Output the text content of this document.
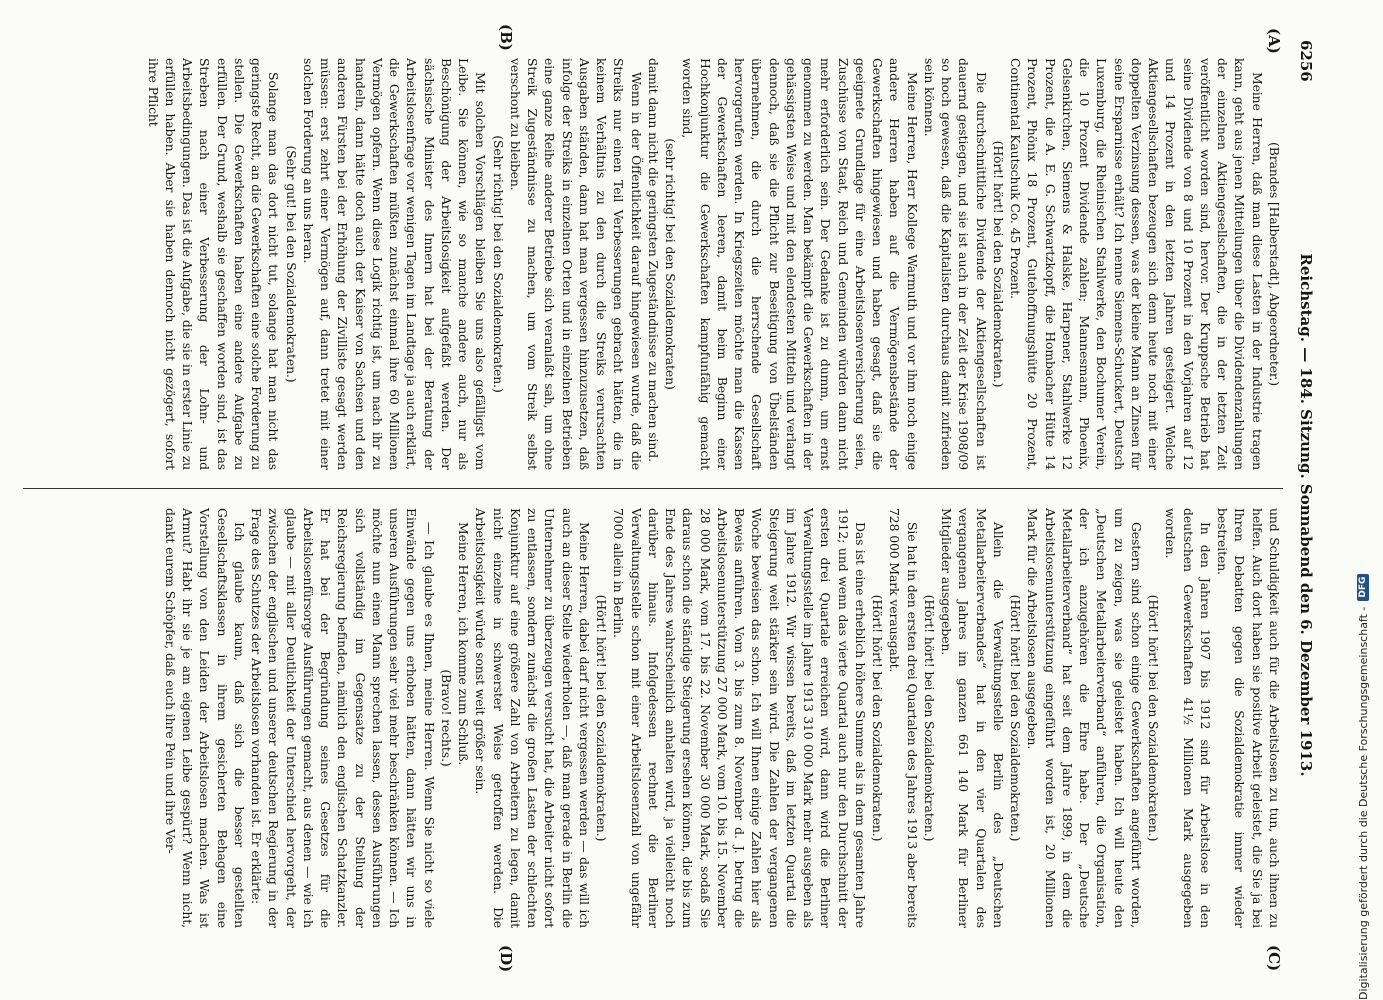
6256
Reichstag. — 184. Sitzung. Sonnabend den 6. Dezember 1913.
(A)
(B)
(C)
(D)

(Brandes [Halberstadt], Abgeordneter.)

Meine Herren, daß man diese Lasten in der Industrie tragen kann, geht aus jenen Mitteilungen über die Dividendenzahlungen der einzelnen Aktiengesellschaften, die in der letzten Zeit veröffentlicht worden sind, hervor. Der Kruppsche Betrieb hat seine Dividende von 8 und 10 Prozent in den Vorjahren auf 12 und 14 Prozent in den letzten Jahren gesteigert. Welche Aktiengesellschaften bezeugen sich denn heute noch mit einer doppelten Verzinsung dessen, was der kleine Mann an Zinsen für seine Ersparnisse erhält? Ich nenne Siemens-Schuckert, Deutsch Luxemburg, die Rheinischen Stahlwerke, den Bochumer Verein, die 10 Prozent Dividende zahlen; Mannesmann, Phoenix, Gelsenkirchen, Siemens & Halske, Harpener, Stahlwerke 12 Prozent, die A. E. G. Schwartzkopff, die Hombacher Hütte 14 Prozent, Phönix 18 Prozent, Gutehoffnungshütte 20 Prozent, Continental Kautschuk Co. 45 Prozent.

(Hört! hört! bei den Sozialdemokraten.)

Die durchschnittliche Dividende der Aktiengesellschaften ist dauernd gestiegen, und sie ist auch in der Zeit der Krise 1908/09 so hoch gewesen, daß die Kapitalisten durchaus damit zufrieden sein können.

Meine Herren, Herr Kollege Warmuth und vor ihm noch einige andere Herren haben auf die Vermögensbestände der Gewerkschaften hingewiesen und haben gesagt, daß sie die geeignete Grundlage für eine Arbeitslosenversicherung seien, Zuschüsse von Staat, Reich und Gemeinden würden dann nicht mehr erforderlich sein. Der Gedanke ist zu dumm, um ernst genommen zu werden. Man bekämpft die Gewerkschaften in der gehässigsten Weise und mit den elendesten Mitteln und verlangt dennoch, daß sie die Pflicht zur Beseitigung von Übelständen übernehmen, die durch die herrschende Gesellschaft hervorgerufen werden. In Kriegszeiten möchte man die Kassen der Gewerkschaften leeren, damit beim Beginn einer Hochkonjunktur die Gewerkschaften kampfunfähig gemacht worden sind,

(sehr richtig! bei den Sozialdemokraten)

damit dann nicht die geringsten Zugeständnisse zu machen sind.

Wenn in der Öffentlichkeit darauf hingewiesen wurde, daß die Streiks nur einen Teil Verbesserungen gebracht hätten, die in keinem Verhältnis zu den durch die Streiks verursachten Ausgaben ständen, dann hat man vergessen hinzuzusetzen, daß infolge der Streiks in einzelnen Orten und in einzelnen Betrieben eine ganze Reihe anderer Betriebe sich veranlaßt sah, um ohne Streik Zugeständnisse zu machen, um vom Streik selbst verschont zu bleiben.

(Sehr richtig! bei den Sozialdemokraten.)

Mit solchen Vorschlägen bleiben Sie uns also gefälligst vom Leibe. Sie können, wie so manche andere auch, nur als Beschönigung der Arbeitslosigkeit aufgefaßt werden. Der sächsische Minister des Innern hat bei der Beratung der Arbeitslosenfrage vor wenigen Tagen im Landtage ja auch erklärt, die Gewerkschaften müßten zunächst einmal ihre 60 Millionen Vermögen opfern. Wenn diese Logik richtig ist, um nach ihr zu handeln, dann hätte doch auch der Kaiser von Sachsen und den anderen Fürsten bei der Erhöhung der Zivilliste gesagt werden müssen: erst zehrt einer Vermögen auf, dann tretet mit einer solchen Forderung an uns heran.

(Sehr gut! bei den Sozialdemokraten.)

Solange man das dort nicht tut, solange hat man nicht das geringste Recht, an die Gewerkschaften eine solche Forderung zu stellen. Die Gewerkschaften haben eine andere Aufgabe zu erfüllen. Der Grund, weshalb sie geschaffen worden sind, ist das Streben nach einer Verbesserung der Lohn- und Arbeitsbedingungen. Das ist die Aufgabe, die sie in erster Linie zu erfüllen haben. Aber sie haben dennoch nicht gezögert, sofort ihre Pflicht

und Schuldigkeit auch für die Arbeitslosen zu tun, auch ihnen zu helfen. Auch dort haben sie positive Arbeit geleistet, die Sie ja bei Ihren Debatten gegen die Sozialdemokratie immer wieder bestreiten.

In den Jahren 1907 bis 1912 sind für Arbeitslose in den deutschen Gewerkschaften 41½ Millionen Mark ausgegeben worden.

(Hört! hört! bei den Sozialdemokraten.)

Gestern sind schon einige Gewerkschaften angeführt worden, um zu zeigen, was sie geleistet haben. Ich will heute den „Deutschen Metallarbeiterverband“ anführen, die Organisation, der ich anzugehören die Ehre habe. Der „Deutsche Metallarbeiterverband“ hat seit dem Jahre 1899, in dem die Arbeitslosenunterstützung eingeführt worden ist, 20 Millionen Mark für die Arbeitslosen ausgegeben.

(Hört! hört! bei den Sozialdemokraten.)

Allein die Verwaltungsstelle Berlin des „Deutschen Metallarbeiterverbandes“ hat in den vier Quartalen des vergangenen Jahres im ganzen 661 140 Mark für Berliner Mitglieder ausgegeben.

(Hört! hört! bei den Sozialdemokraten.)

Sie hat in den ersten drei Quartalen des Jahres 1913 aber bereits 728 000 Mark verausgabt.

(Hört! hört! bei den Sozialdemokraten.)

Das ist eine erheblich höhere Summe als in dem gesamten Jahre 1912; und wenn das vierte Quartal auch nur den Durchschnitt der ersten drei Quartale erreichen wird, dann wird die Berliner Verwaltungsstelle im Jahre 1913 310 000 Mark mehr ausgeben als im Jahre 1912. Wir wissen bereits, daß im letzten Quartal die Steigerung weit stärker sein wird. Die Zahlen der vergangenen Woche beweisen das schon. Ich will Ihnen einige Zahlen hier als Beweis anführen. Vom 3. bis zum 8. November d. J. betrug die Arbeitslosenunterstützung 27 000 Mark, vom 10. bis 15. November 28 000 Mark, vom 17. bis 22. November 30 000 Mark, sodaß Sie daraus schon die ständige Steigerung ersehen können, die bis zum Ende des Jahres wahrscheinlich anhalten wird, ja vielleicht noch darüber hinaus. Infolgedessen rechnet die Berliner Verwaltungsstelle schon mit einer Arbeitslosenzahl von ungefähr 7000 allein in Berlin.

(Hört! hört! bei den Sozialdemokraten.)

Meine Herren, dabei darf nicht vergessen werden — das will ich auch an dieser Stelle wiederholen —, daß man gerade in Berlin die Unternehmer zu überzeugen versucht hat, die Arbeiter nicht sofort zu entlassen, sondern zunächst die großen Lasten der schlechten Konjunktur auf eine größere Zahl von Arbeitern zu legen, damit nicht einzelne in schwerster Weise getroffen werden. Die Arbeitslosigkeit würde sonst weit größer sein.

Meine Herren, ich komme zum Schluß.

(Bravo! rechts.)

— Ich glaube es Ihnen, meine Herren. Wenn Sie nicht so viele Einwände gegen uns erhoben hätten, dann hätten wir uns in unseren Ausführungen sehr viel mehr beschränken können. — Ich möchte nun einen Mann sprechen lassen, dessen Ausführungen sich vollständig im Gegensatze zu der Stellung der Reichsregierung befinden, nämlich den englischen Schatzkanzler. Er hat bei der Begründung seines Gesetzes für die Arbeitslosenfürsorge Ausführungen gemacht, aus denen — wie ich glaube — mit aller Deutlichkeit der Unterschied hervorgeht, der zwischen der englischen und unserer deutschen Regierung in der Frage des Schutzes der Arbeitslosen vorhanden ist. Er erklärte:

Ich glaube kaum, daß sich die besser gestellten Gesellschaftsklassen in ihrem gesicherten Behagen eine Vorstellung von den Leiden der Arbeitslosen machen. Was ist Armut? Habt ihr sie je am eigenen Leibe gespürt? Wenn nicht, dankt eurem Schöpfer, daß euch ihre Pein und ihre Ver-	Digitalisierung gefördert durch die Deutsche Forschungsgemeinschaft -
DFG
